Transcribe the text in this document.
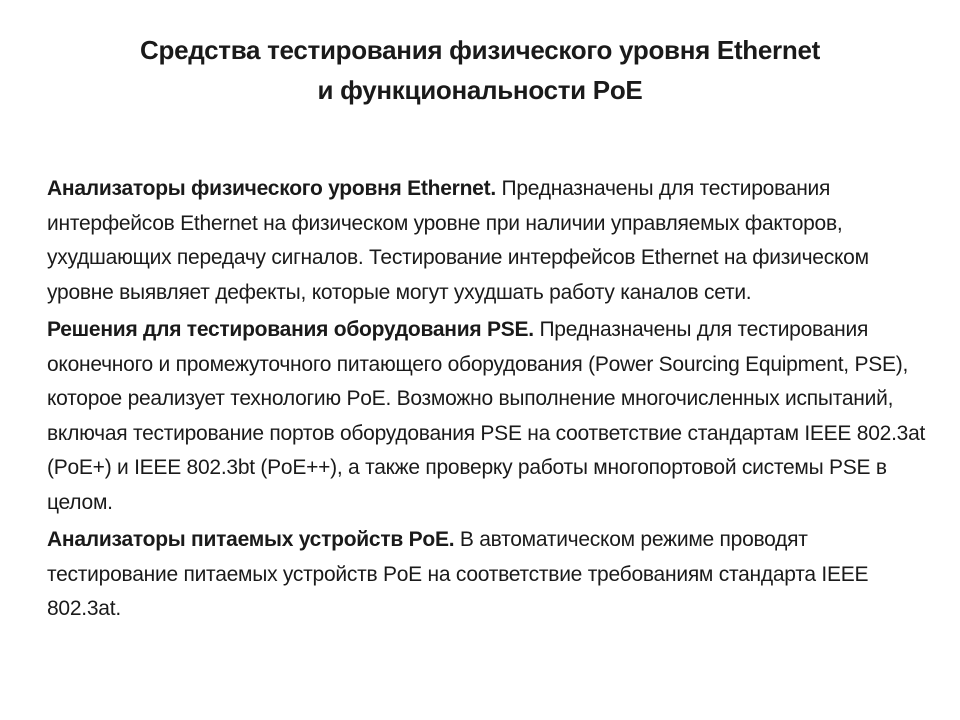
Средства тестирования физического уровня Ethernet
и функциональности PoE

Анализаторы физического уровня Ethernet. Предназначены для тестирования интерфейсов Ethernet на физическом уровне при наличии управляемых факторов, ухудшающих передачу сигналов. Тестирование интерфейсов Ethernet на физическом уровне выявляет дефекты, которые могут ухудшать работу каналов сети.

Решения для тестирования оборудования PSE. Предназначены для тестирования оконечного и промежуточного питающего оборудования (Power Sourcing Equipment, PSE), которое реализует технологию PoE. Возможно выполнение многочисленных испытаний, включая тестирование портов оборудования PSE на соответствие стандартам IEEE 802.3at (PoE+) и IEEE 802.3bt (PoE++), а также проверку работы многопортовой системы PSE в целом.

Анализаторы питаемых устройств PoE. В автоматическом режиме проводят тестирование питаемых устройств PoE на соответствие требованиям стандарта IEEE 802.3at.
